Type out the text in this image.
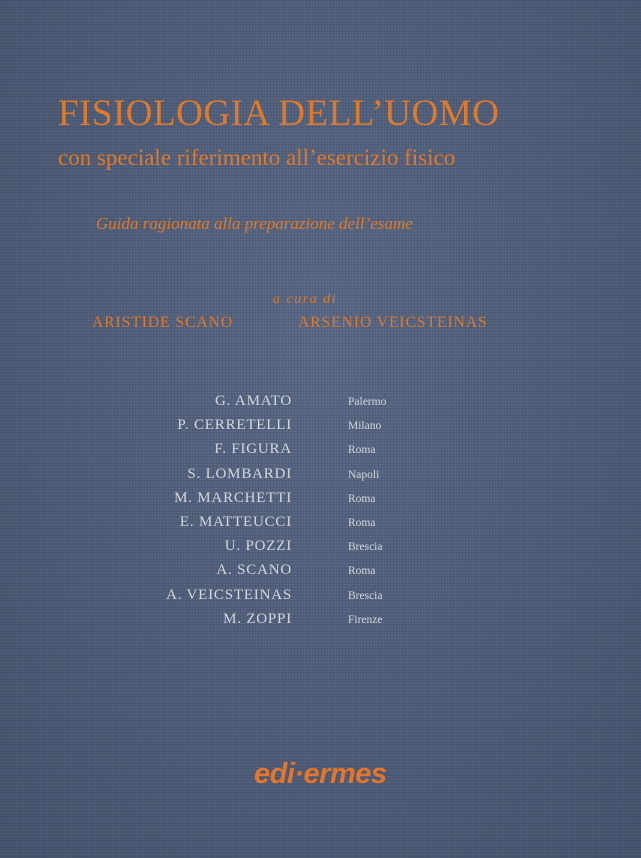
FISIOLOGIA DELL’UOMO
con speciale riferimento all’esercizio fisico
Guida ragionata alla preparazione dell’esame
a cura di
ARISTIDE SCANO	ARSENIO VEICSTEINAS
G. AMATO	Palermo
P. CERRETELLI	Milano
F. FIGURA	Roma
S. LOMBARDI	Napoli
M. MARCHETTI	Roma
E. MATTEUCCI	Roma
U. POZZI	Brescia
A. SCANO	Roma
A. VEICSTEINAS	Brescia
M. ZOPPI	Firenze
edi·ermes
